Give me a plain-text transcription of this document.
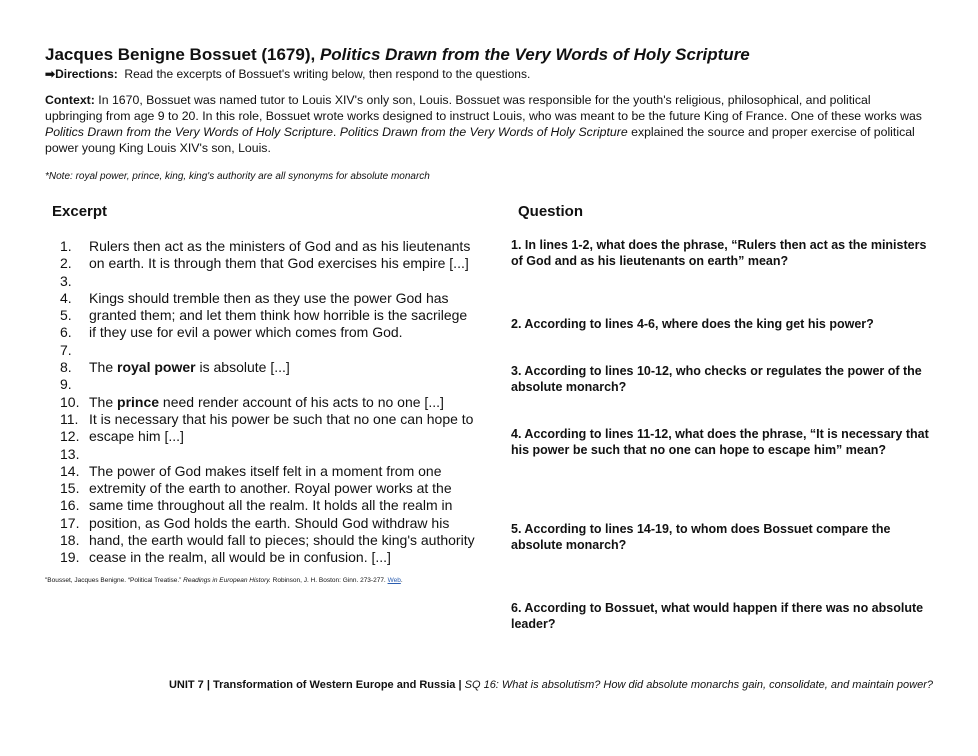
Jacques Benigne Bossuet (1679), Politics Drawn from the Very Words of Holy Scripture
➡Directions: Read the excerpts of Bossuet's writing below, then respond to the questions.
Context: In 1670, Bossuet was named tutor to Louis XIV's only son, Louis. Bossuet was responsible for the youth's religious, philosophical, and political upbringing from age 9 to 20. In this role, Bossuet wrote works designed to instruct Louis, who was meant to be the future King of France. One of these works was Politics Drawn from the Very Words of Holy Scripture. Politics Drawn from the Very Words of Holy Scripture explained the source and proper exercise of political power young King Louis XIV's son, Louis.
*Note: royal power, prince, king, king's authority are all synonyms for absolute monarch
Excerpt	Question
1. Rulers then act as the ministers of God and as his lieutenants
2. on earth. It is through them that God exercises his empire [...]
3.
4. Kings should tremble then as they use the power God has
5. granted them; and let them think how horrible is the sacrilege
6. if they use for evil a power which comes from God.
7.
8. The royal power is absolute [...]
9.
10. The prince need render account of his acts to no one [...]
11. It is necessary that his power be such that no one can hope to
12. escape him [...]
13.
14. The power of God makes itself felt in a moment from one
15. extremity of the earth to another. Royal power works at the
16. same time throughout all the realm. It holds all the realm in
17. position, as God holds the earth. Should God withdraw his
18. hand, the earth would fall to pieces; should the king's authority
19. cease in the realm, all would be in confusion. [...]
1. In lines 1-2, what does the phrase, “Rulers then act as the ministers of God and as his lieutenants on earth” mean?
2. According to lines 4-6, where does the king get his power?
3. According to lines 10-12, who checks or regulates the power of the absolute monarch?
4. According to lines 11-12, what does the phrase, “It is necessary that his power be such that no one can hope to escape him” mean?
5. According to lines 14-19, to whom does Bossuet compare the absolute monarch?
6. According to Bossuet, what would happen if there was no absolute leader?
"Bousset, Jacques Benigne. “Political Treatise.” Readings in European History. Robinson, J. H. Boston: Ginn. 273-277. Web.
UNIT 7 | Transformation of Western Europe and Russia | SQ 16: What is absolutism? How did absolute monarchs gain, consolidate, and maintain power?
